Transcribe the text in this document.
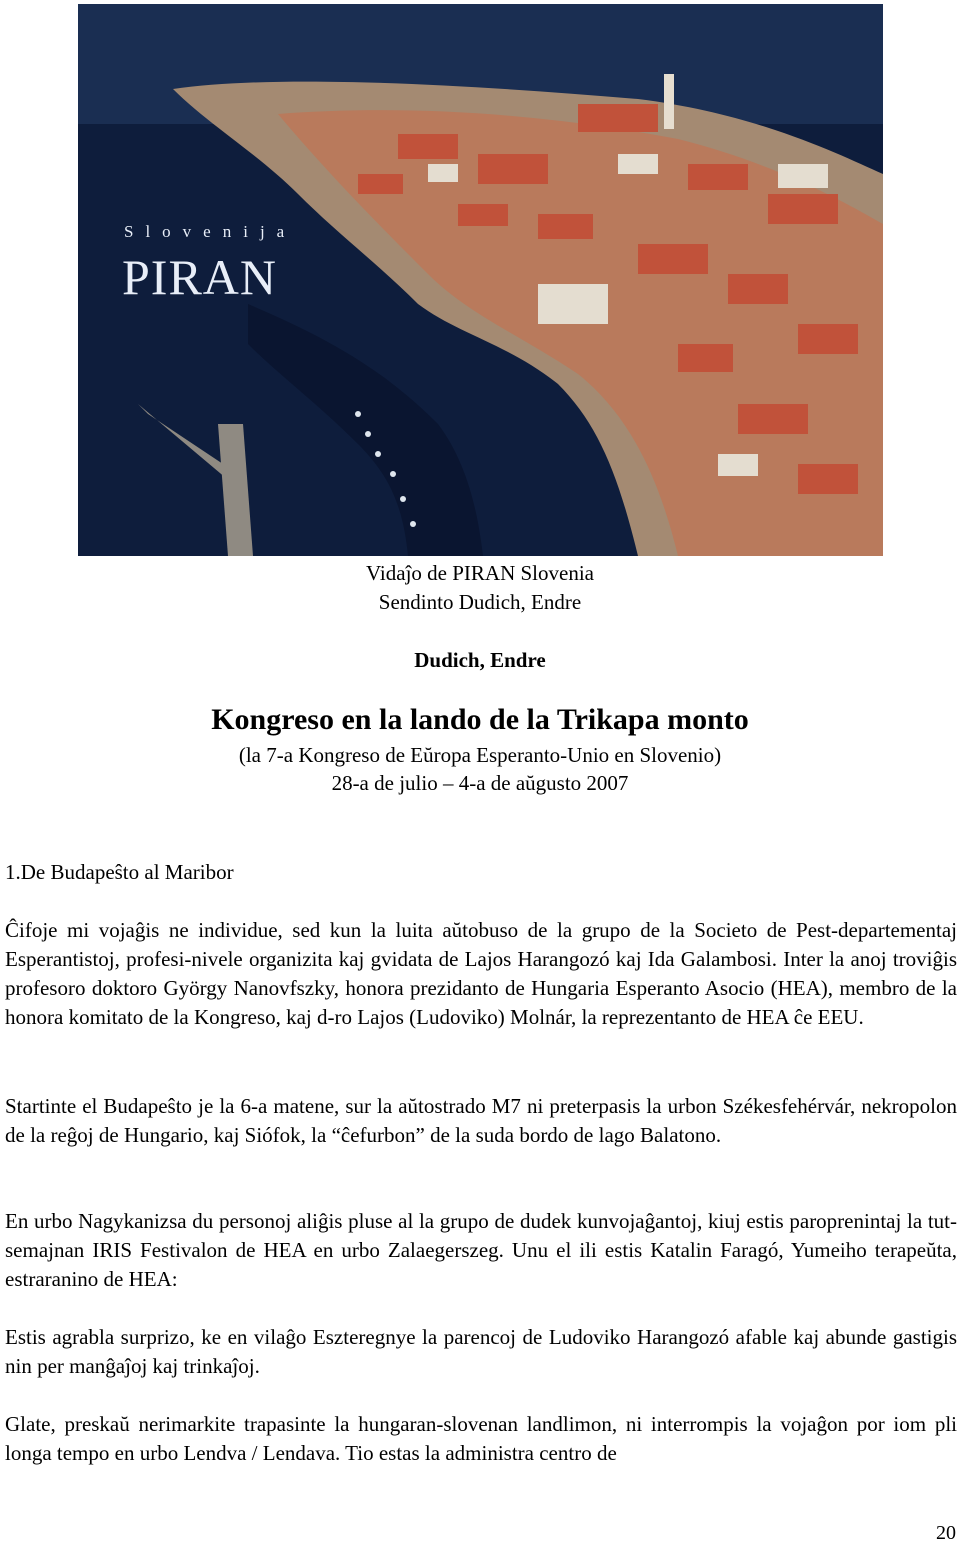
Slovenija
PIRAN
Vidaĵo de PIRAN Slovenia
Sendinto Dudich, Endre
Dudich, Endre
Kongreso en la lando de la Trikapa monto
(la 7-a Kongreso de Eŭropa Esperanto-Unio en Slovenio)
28-a de julio – 4-a de aŭgusto 2007
1.De Budapeŝto al Maribor

Ĉifoje mi vojaĝis ne individue, sed kun la luita aŭtobuso de la grupo de la Societo de Pest-departementaj Esperantistoj, profesi-nivele organizita kaj gvidata de Lajos Harangozó kaj Ida Galambosi. Inter la anoj troviĝis profesoro doktoro György Nanovfszky, honora prezidanto de Hungaria Esperanto Asocio (HEA), membro de la honora komitato de la Kongreso, kaj d-ro Lajos (Ludoviko) Molnár, la reprezentanto de HEA ĉe EEU.

Startinte el Budapeŝto je la 6-a matene, sur la aŭtostrado M7 ni preterpasis la urbon Székesfehérvár, nekropolon de la reĝoj de Hungario, kaj Siófok, la “ĉefurbon” de la suda bordo de lago Balatono.

En urbo Nagykanizsa du personoj aliĝis pluse al la grupo de dudek kunvojaĝantoj, kiuj estis paroprenintaj la tut-semajnan IRIS Festivalon de HEA en urbo Zalaegerszeg. Unu el ili estis Katalin Faragó, Yumeiho terapeŭta, estraranino de HEA:

Estis agrabla surprizo, ke en vilaĝo Eszteregnye la parencoj de Ludoviko Harangozó afable kaj abunde gastigis nin per manĝaĵoj kaj trinkaĵoj.

Glate, preskaŭ nerimarkite trapasinte la hungaran-slovenan landlimon, ni interrompis la vojaĝon por iom pli longa tempo en urbo Lendva / Lendava. Tio estas la administra centro de

20
